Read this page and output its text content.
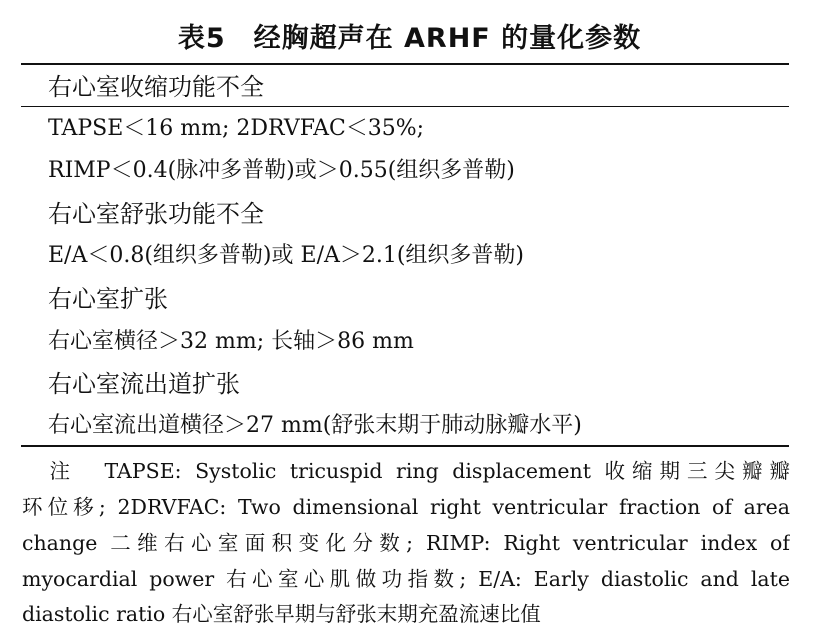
表5　经胸超声在 ARHF 的量化参数
右心室收缩功能不全
TAPSE＜16 mm; 2DRVFAC＜35%;
RIMP＜0.4(脉冲多普勒)或＞0.55(组织多普勒)
右心室舒张功能不全
E/A＜0.8(组织多普勒)或 E/A＞2.1(组织多普勒)
右心室扩张
右心室横径＞32 mm; 长轴＞86 mm
右心室流出道扩张
右心室流出道横径＞27 mm(舒张末期于肺动脉瓣水平)
　注　TAPSE: Systolic tricuspid ring displacement 收缩期三尖瓣瓣
环位移; 2DRVFAC: Two dimensional right ventricular fraction of area
change 二维右心室面积变化分数; RIMP: Right ventricular index of
myocardial power 右心室心肌做功指数; E/A: Early diastolic and late
diastolic ratio 右心室舒张早期与舒张末期充盈流速比值
